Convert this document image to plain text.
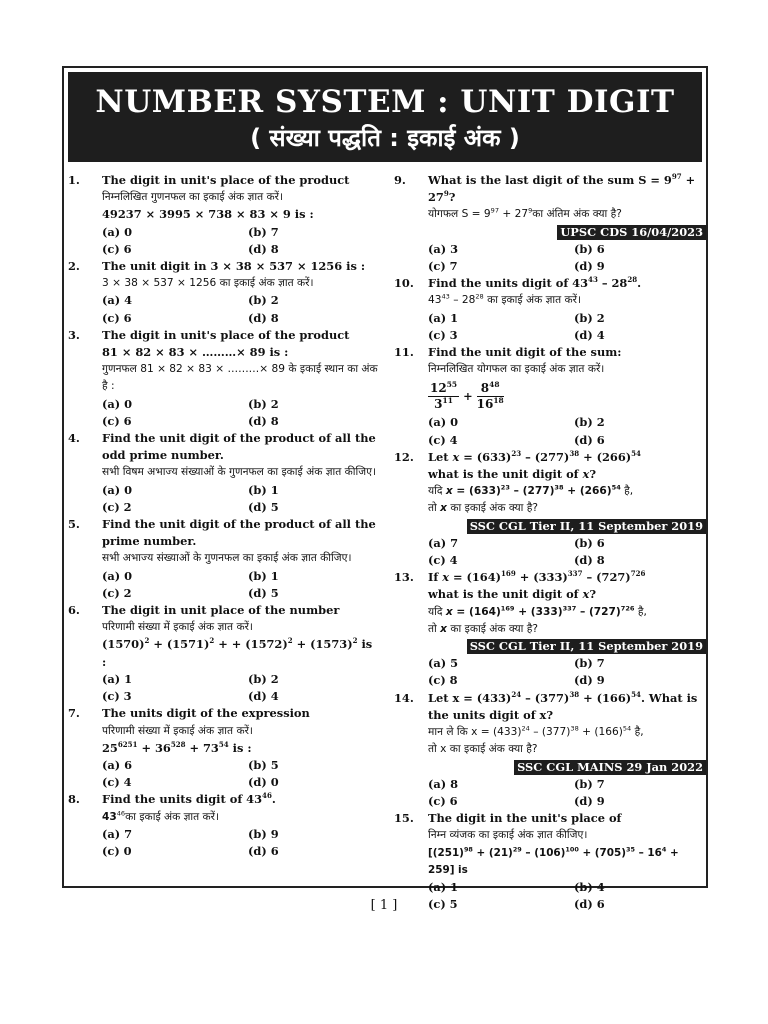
NUMBER SYSTEM : UNIT DIGIT
( संख्या पद्धति : इकाई अंक )
1. The digit in unit's place of the product
निम्नलिखित गुणनफल का इकाई अंक ज्ञात करें।
49237 × 3995 × 738 × 83 × 9 is :
(a) 0	(b) 7
(c) 6	(d) 8
2. The unit digit in 3 × 38 × 537 × 1256 is :
3 × 38 × 537 × 1256 का इकाई अंक ज्ञात करें।
(a) 4	(b) 2
(c) 6	(d) 8
3. The digit in unit's place of the product
81 × 82 × 83 × ………× 89 is :
गुणनफल 81 × 82 × 83 × ………× 89 के इकाई स्थान का अंक है :
(a) 0	(b) 2
(c) 6	(d) 8
4. Find the unit digit of the product of all the odd prime number.
सभी विषम अभाज्य संख्याओं के गुणनफल का इकाई अंक ज्ञात कीजिए।
(a) 0	(b) 1
(c) 2	(d) 5
5. Find the unit digit of the product of all the prime number.
सभी अभाज्य संख्याओं के गुणनफल का इकाई अंक ज्ञात कीजिए।
(a) 0	(b) 1
(c) 2	(d) 5
6. The digit in unit place of the number
परिणामी संख्या में इकाई अंक ज्ञात करें।
$(1570)^2 + (1571)^2$ + + $(1572)^2 + (1573)^2$ is :
(a) 1	(b) 2
(c) 3	(d) 4
7. The units digit of the expression
परिणामी संख्या में इकाई अंक ज्ञात करें।
$25^{6251} + 36^{528} + 73^{54}$ is :
(a) 6	(b) 5
(c) 4	(d) 0
8. Find the units digit of $43^{46}$.
$43^{46}का$ इकाई अंक ज्ञात करें।
(a) 7	(b) 9
(c) 0	(d) 6
9. What is the last digit of the sum $S = 9^{97} + 27^9$?
योगफल $S = 9^{97}$ + $27^9का$ अंतिम अंक क्या है?
UPSC CDS 16/04/2023
(a) 3	(b) 6
(c) 7	(d) 9
10. Find the units digit of $43^{43} - 28^{28}$.
$43^{43} - 28^{28}$ का इकाई अंक ज्ञात करें।
(a) 1	(b) 2
(c) 3	(d) 4
11. Find the unit digit of the sum:
निम्नलिखित योगफल का इकाई अंक ज्ञात करें।
$\frac{12^{55}}{3^{11}} + \frac{8^{48}}{16^{18}}$
(a) 0	(b) 2
(c) 4	(d) 6
12. Let $x = (633)^{23} - (277)^{38} + (266)^{54}$
what is the unit digit of x?
यदि $x = (633)^{23} - (277)^{38} + (266)^{54}$ है,
तो x का इकाई अंक क्या है?
SSC CGL Tier II, 11 September 2019
(a) 7	(b) 6
(c) 4	(d) 8
13. If $x = (164)^{169} + (333)^{337} - (727)^{726}$
what is the unit digit of x?
यदि $x = (164)^{169} + (333)^{337} - (727)^{726}$ है,
तो x का इकाई अंक क्या है?
SSC CGL Tier II, 11 September 2019
(a) 5	(b) 7
(c) 8	(d) 9
14. Let $x = (433)^{24} - (377)^{38} + (166)^{54}$. What is
the units digit of x?
मान ले कि $x = (433)^{24} - (377)^{38} + (166)^{54}$ है,
तो x का इकाई अंक क्या है?
SSC CGL MAINS 29 Jan 2022
(a) 8	(b) 7
(c) 6	(d) 9
15. The digit in the unit's place of
निम्न व्यंजक का इकाई अंक ज्ञात कीजिए।
$[(251)^{98} + (21)^{29} - (106)^{100} + (705)^{35} - 16^4 + 259]$ is
(a) 1	(b) 4
(c) 5	(d) 6
[ 1 ]
